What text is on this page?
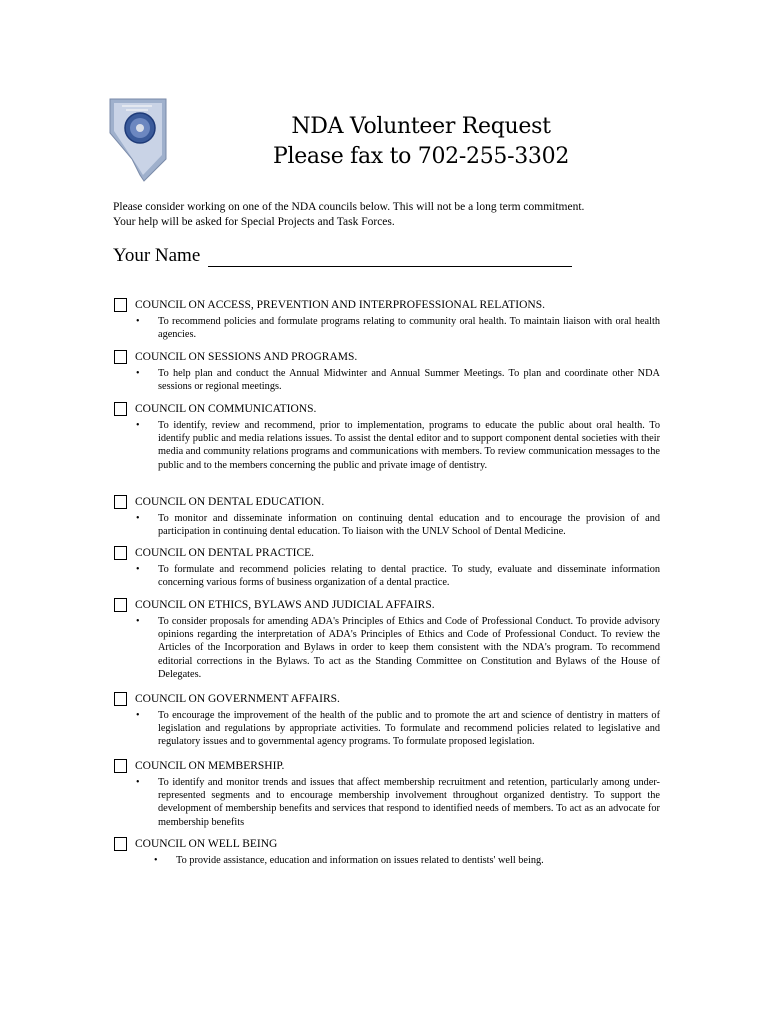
NDA Volunteer Request
Please fax to 702-255-3302
Please consider working on one of the NDA councils below. This will not be a long term commitment.
Your help will be asked for Special Projects and Task Forces.
Your Name
COUNCIL ON ACCESS, PREVENTION AND INTERPROFESSIONAL RELATIONS.
• To recommend policies and formulate programs relating to community oral health. To maintain liaison with oral health agencies.
COUNCIL ON SESSIONS AND PROGRAMS.
• To help plan and conduct the Annual Midwinter and Annual Summer Meetings. To plan and coordinate other NDA sessions or regional meetings.
COUNCIL ON COMMUNICATIONS.
• To identify, review and recommend, prior to implementation, programs to educate the public about oral health. To identify public and media relations issues. To assist the dental editor and to support component dental societies with their media and community relations programs and communications with members. To review communication messages to the public and to the members concerning the public and private image of dentistry.
COUNCIL ON DENTAL EDUCATION.
• To monitor and disseminate information on continuing dental education and to encourage the provision of and participation in continuing dental education. To liaison with the UNLV School of Dental Medicine.
COUNCIL ON DENTAL PRACTICE.
• To formulate and recommend policies relating to dental practice. To study, evaluate and disseminate information concerning various forms of business organization of a dental practice.
COUNCIL ON ETHICS, BYLAWS AND JUDICIAL AFFAIRS.
• To consider proposals for amending ADA's Principles of Ethics and Code of Professional Conduct. To provide advisory opinions regarding the interpretation of ADA's Principles of Ethics and Code of Professional Conduct. To review the Articles of the Incorporation and Bylaws in order to keep them consistent with the NDA's program. To recommend editorial corrections in the Bylaws. To act as the Standing Committee on Constitution and Bylaws of the House of Delegates.
COUNCIL ON GOVERNMENT AFFAIRS.
• To encourage the improvement of the health of the public and to promote the art and science of dentistry in matters of legislation and regulations by appropriate activities. To formulate and recommend policies related to legislative and regulatory issues and to governmental agency programs. To formulate proposed legislation.
COUNCIL ON MEMBERSHIP.
• To identify and monitor trends and issues that affect membership recruitment and retention, particularly among under-represented segments and to encourage membership involvement throughout organized dentistry. To support the development of membership benefits and services that respond to identified needs of members. To act as an advocate for membership benefits
COUNCIL ON WELL BEING
• To provide assistance, education and information on issues related to dentists' well being.
